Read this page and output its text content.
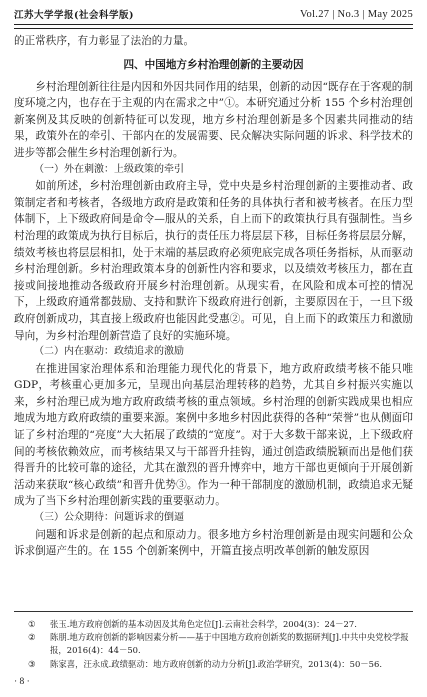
江苏大学学报(社会科学版)	Vol.27 | No.3 | May 2025

的正常秩序，有力彰显了法治的力量。

四、中国地方乡村治理创新的主要动因

乡村治理创新往往是内因和外因共同作用的结果，创新的动因“既存在于客观的制度环境之内，也存在于主观的内在需求之中”①。本研究通过分析 155 个乡村治理创新案例及其反映的创新特征可以发现，地方乡村治理创新是多个因素共同推动的结果，政策外在的牵引、干部内在的发展需要、民众解决实际问题的诉求、科学技术的进步等都会催生乡村治理创新行为。

（一）外在刺激：上级政策的牵引

如前所述，乡村治理创新由政府主导，党中央是乡村治理创新的主要推动者、政策制定者和考核者，各级地方政府是政策和任务的具体执行者和被考核者。在压力型体制下，上下级政府间是命令—服从的关系，自上而下的政策执行具有强制性。当乡村治理的政策成为执行目标后，执行的责任压力将层层下移，目标任务将层层分解，绩效考核也将层层相扣，处于末端的基层政府必须兜底完成各项任务指标，从而驱动乡村治理创新。乡村治理政策本身的创新性内容和要求，以及绩效考核压力，都在直接或间接地推动各级政府开展乡村治理创新。从现实看，在风险和成本可控的情况下，上级政府通常都鼓励、支持和默许下级政府进行创新，主要原因在于，一旦下级政府创新成功，其直接上级政府也能因此受惠②。可见，自上而下的政策压力和激励导向，为乡村治理创新营造了良好的实施环境。

（二）内在驱动：政绩追求的激励

在推进国家治理体系和治理能力现代化的背景下，地方政府政绩考核不能只唯 GDP，考核重心更加多元，呈现出向基层治理转移的趋势，尤其自乡村振兴实施以来，乡村治理已成为地方政府政绩考核的重点领域。乡村治理的创新实践成果也相应地成为地方政府政绩的重要来源。案例中多地乡村因此获得的各种“荣誉”也从侧面印证了乡村治理的“亮度”大大拓展了政绩的“宽度”。对于大多数干部来说，上下级政府间的考核依赖效应，而考核结果又与干部晋升挂钩，通过创造政绩脱颖而出是他们获得晋升的比较可靠的途径，尤其在激烈的晋升博弈中，地方干部也更倾向于开展创新活动来获取“核心政绩”和晋升优势③。作为一种干部制度的激励机制，政绩追求无疑成为了当下乡村治理创新实践的重要驱动力。

（三）公众期待：问题诉求的倒逼

问题和诉求是创新的起点和原动力。很多地方乡村治理创新是由现实问题和公众诉求倒逼产生的。在 155 个创新案例中，开篇直接点明改革创新的触发原因

①	张玉.地方政府创新的基本动因及其角色定位[J].云南社会科学，2004(3)：24－27.
②	陈朋.地方政府创新的影响因素分析——基于中国地方政府创新奖的数据研判[J].中共中央党校学报
报，2016(4)：44－50.
③	陈家喜，汪永成.政绩驱动：地方政府创新的动力分析[J].政治学研究，2013(4)：50－56.
· 8 ·
